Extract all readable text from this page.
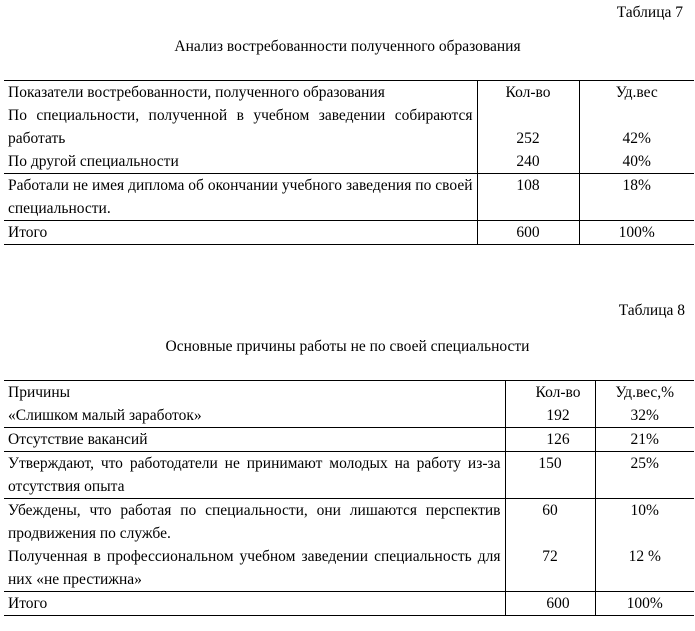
Таблица 7
Анализ востребованности полученного образования
Показатели востребованности, полученного образования	Кол-во	Уд.вес
По специальности, полученной в учебном заведении собираются работать	252	42%
По другой специальности	240	40%
Работали не имея диплома об окончании учебного заведения по своей специальности.	108	18%
Итого	600	100%
Таблица 8
Основные причины работы не по своей специальности
Причины	Кол-во	Уд.вес,%
«Слишком малый заработок»	192	32%
Отсутствие вакансий	126	21%
Утверждают, что работодатели не принимают молодых на работу из-за отсутствия опыта	150	25%
Убеждены, что работая по специальности, они лишаются перспектив продвижения по службе.	60	10%
Полученная в профессиональном учебном заведении специальность для них «не престижна»	72	12 %
Итого	600	100%
